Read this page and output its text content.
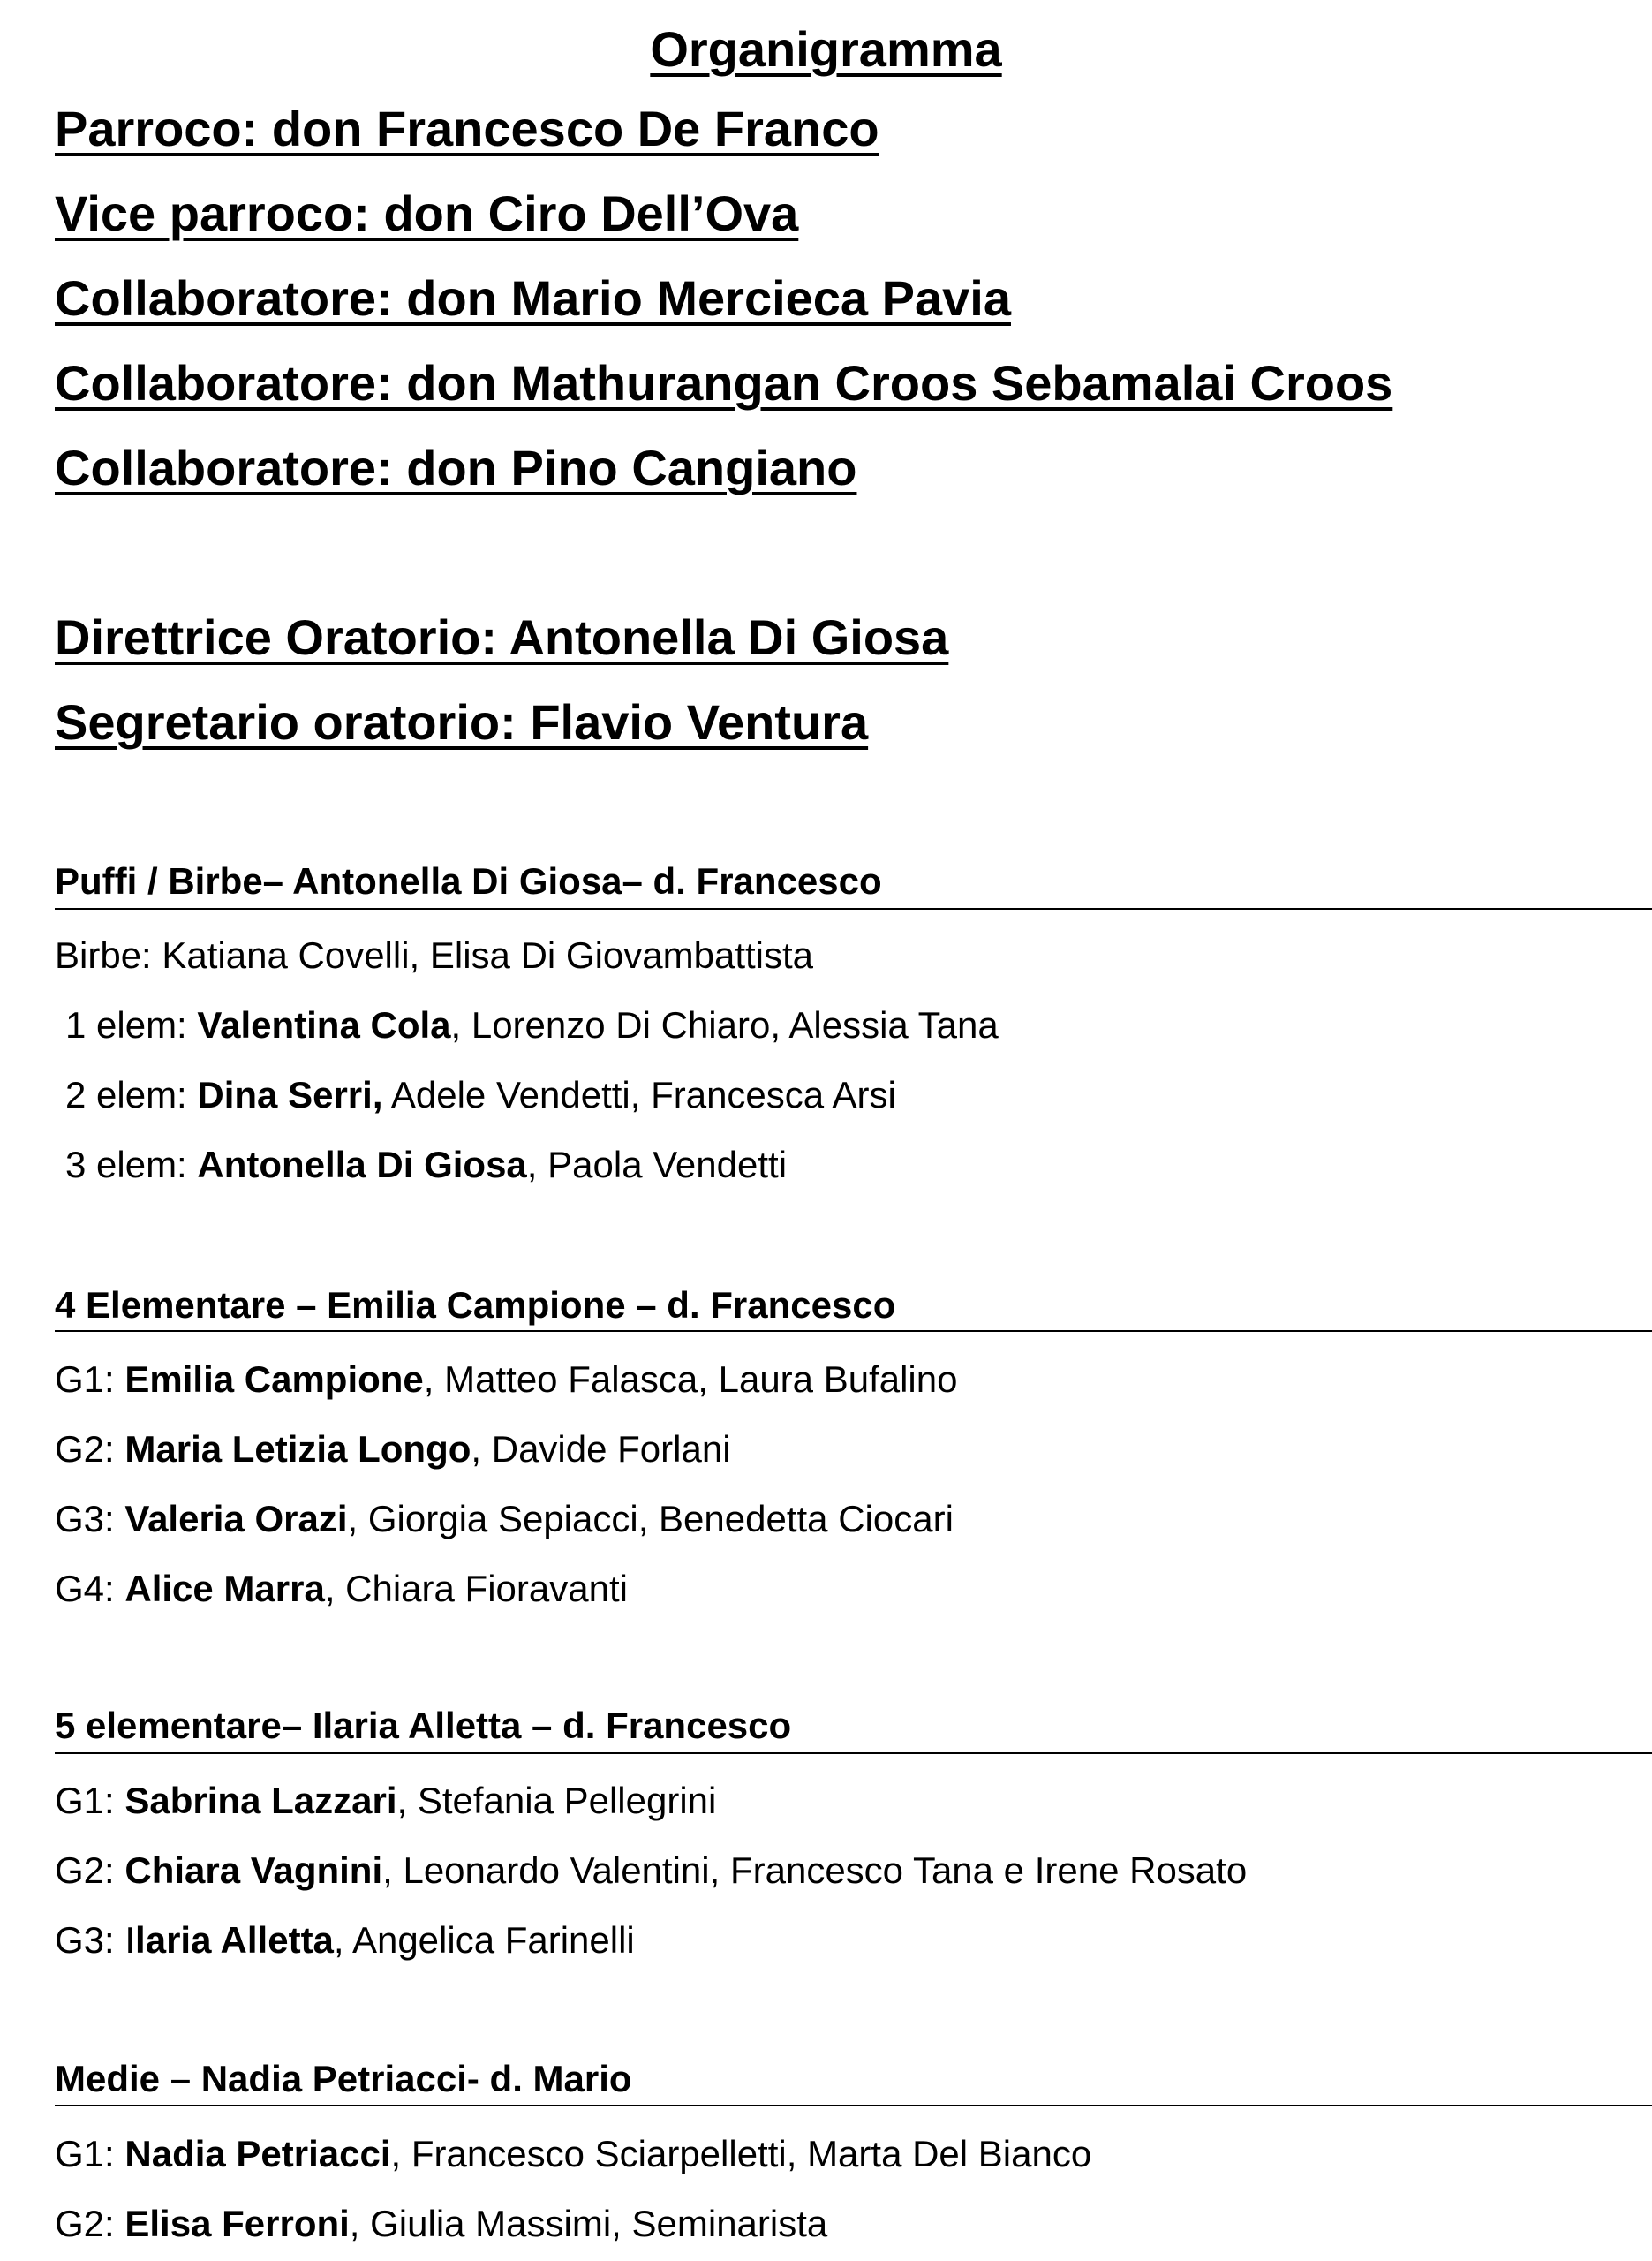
Organigramma

Parroco: don Francesco De Franco

Vice parroco: don Ciro Dell’Ova

Collaboratore: don Mario Mercieca Pavia

Collaboratore: don Mathurangan Croos Sebamalai Croos

Collaboratore: don Pino Cangiano

Direttrice Oratorio: Antonella Di Giosa

Segretario oratorio: Flavio Ventura

Puffi / Birbe– Antonella Di Giosa– d. Francesco

Birbe: Katiana Covelli, Elisa Di Giovambattista

1 elem: Valentina Cola, Lorenzo Di Chiaro, Alessia Tana

2 elem: Dina Serri, Adele Vendetti, Francesca Arsi

3 elem: Antonella Di Giosa, Paola Vendetti

4 Elementare – Emilia Campione – d. Francesco

G1: Emilia Campione, Matteo Falasca, Laura Bufalino

G2: Maria Letizia Longo, Davide Forlani

G3: Valeria Orazi, Giorgia Sepiacci, Benedetta Ciocari

G4: Alice Marra, Chiara Fioravanti

5 elementare– Ilaria Alletta – d. Francesco

G1: Sabrina Lazzari, Stefania Pellegrini

G2: Chiara Vagnini, Leonardo Valentini, Francesco Tana e Irene Rosato

G3: Ilaria Alletta, Angelica Farinelli

Medie – Nadia Petriacci- d. Mario

G1: Nadia Petriacci, Francesco Sciarpelletti, Marta Del Bianco

G2: Elisa Ferroni, Giulia Massimi, Seminarista
